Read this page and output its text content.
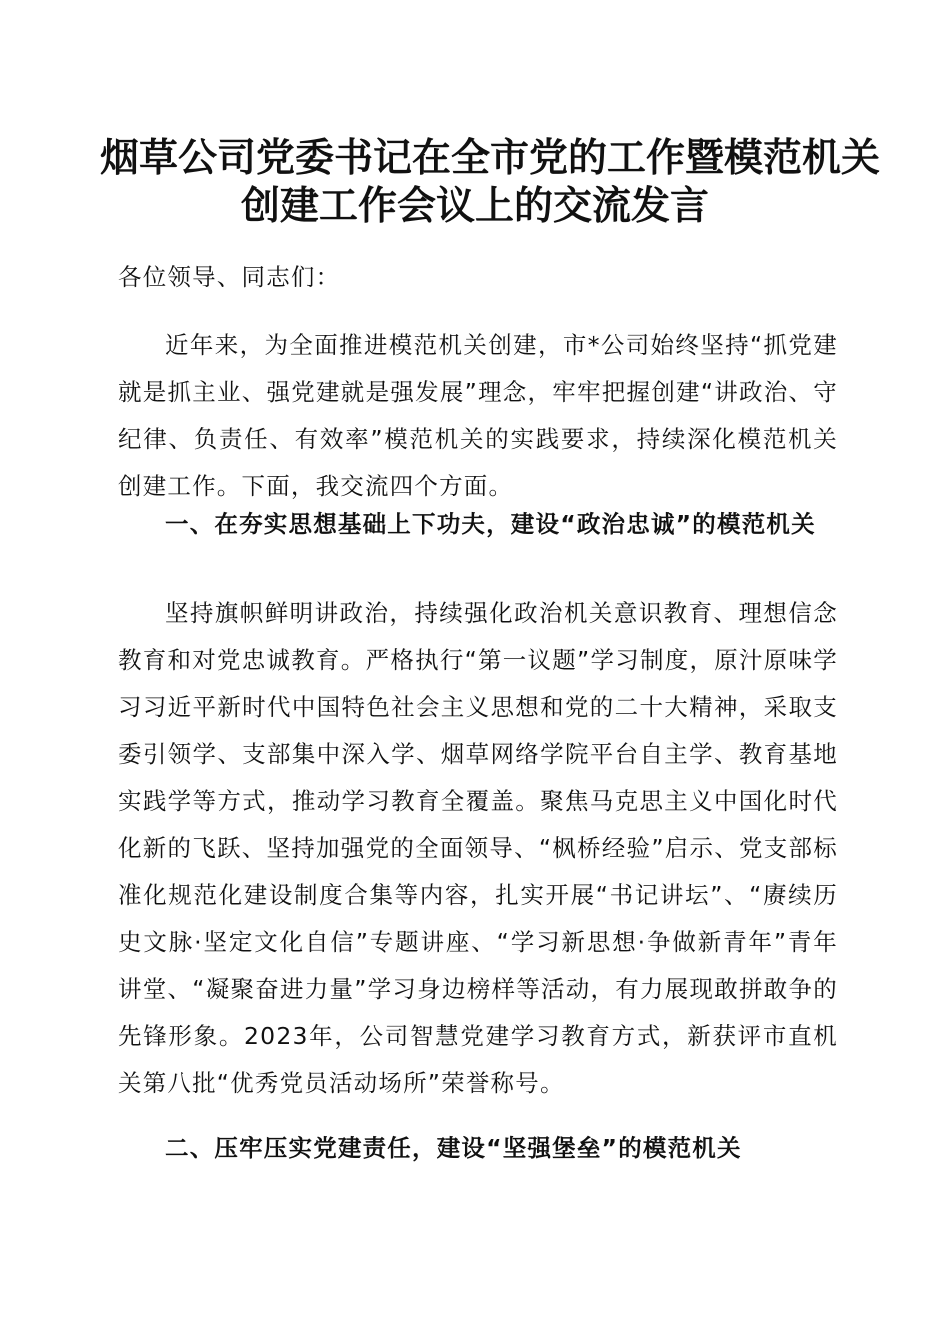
烟草公司党委书记在全市党的工作暨模范机关
创建工作会议上的交流发言

各位领导、同志们：

近年来，为全面推进模范机关创建，市*公司始终坚持“抓党建就是抓主业、强党建就是强发展”理念，牢牢把握创建“讲政治、守纪律、负责任、有效率”模范机关的实践要求，持续深化模范机关创建工作。下面，我交流四个方面。

一、在夯实思想基础上下功夫，建设“政治忠诚”的模范机关

坚持旗帜鲜明讲政治，持续强化政治机关意识教育、理想信念教育和对党忠诚教育。严格执行“第一议题”学习制度，原汁原味学习习近平新时代中国特色社会主义思想和党的二十大精神，采取支委引领学、支部集中深入学、烟草网络学院平台自主学、教育基地实践学等方式，推动学习教育全覆盖。聚焦马克思主义中国化时代化新的飞跃、坚持加强党的全面领导、“枫桥经验”启示、党支部标准化规范化建设制度合集等内容，扎实开展“书记讲坛”、“赓续历史文脉·坚定文化自信”专题讲座、“学习新思想·争做新青年”青年讲堂、“凝聚奋进力量”学习身边榜样等活动，有力展现敢拼敢争的先锋形象。2023年，公司智慧党建学习教育方式，新获评市直机关第八批“优秀党员活动场所”荣誉称号。

二、压牢压实党建责任，建设“坚强堡垒”的模范机关
